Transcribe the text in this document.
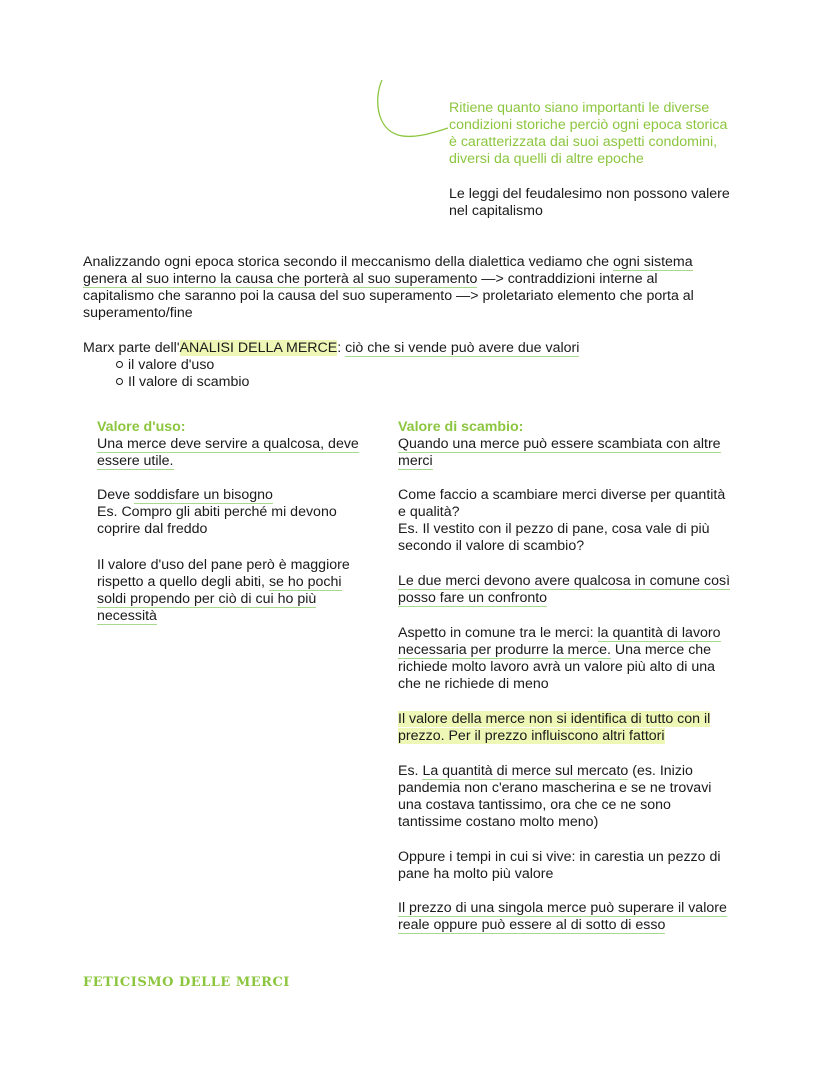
Ritiene quanto siano importanti le diverse
condizioni storiche perciò ogni epoca storica
è caratterizzata dai suoi aspetti condomini,
diversi da quelli di altre epoche
Le leggi del feudalesimo non possono valere
nel capitalismo
Analizzando ogni epoca storica secondo il meccanismo della dialettica vediamo che ogni sistema
genera al suo interno la causa che porterà al suo superamento —> contraddizioni interne al
capitalismo che saranno poi la causa del suo superamento —> proletariato elemento che porta al
superamento/fine
Marx parte dell'ANALISI DELLA MERCE: ciò che si vende può avere due valori
il valore d'uso
Il valore di scambio
Valore d'uso:
Una merce deve servire a qualcosa, deve
essere utile.
Deve soddisfare un bisogno
Es. Compro gli abiti perché mi devono
coprire dal freddo
Il valore d'uso del pane però è maggiore
rispetto a quello degli abiti, se ho pochi
soldi propendo per ciò di cui ho più
necessità
Valore di scambio:
Quando una merce può essere scambiata con altre
merci
Come faccio a scambiare merci diverse per quantità
e qualità?
Es. Il vestito con il pezzo di pane, cosa vale di più
secondo il valore di scambio?
Le due merci devono avere qualcosa in comune così
posso fare un confronto
Aspetto in comune tra le merci: la quantità di lavoro
necessaria per produrre la merce. Una merce che
richiede molto lavoro avrà un valore più alto di una
che ne richiede di meno
Il valore della merce non si identifica di tutto con il
prezzo. Per il prezzo influiscono altri fattori
Es. La quantità di merce sul mercato (es. Inizio
pandemia non c'erano mascherina e se ne trovavi
una costava tantissimo, ora che ce ne sono
tantissime costano molto meno)
Oppure i tempi in cui si vive: in carestia un pezzo di
pane ha molto più valore
Il prezzo di una singola merce può superare il valore
reale oppure può essere al di sotto di esso
FETICISMO DELLE MERCI
